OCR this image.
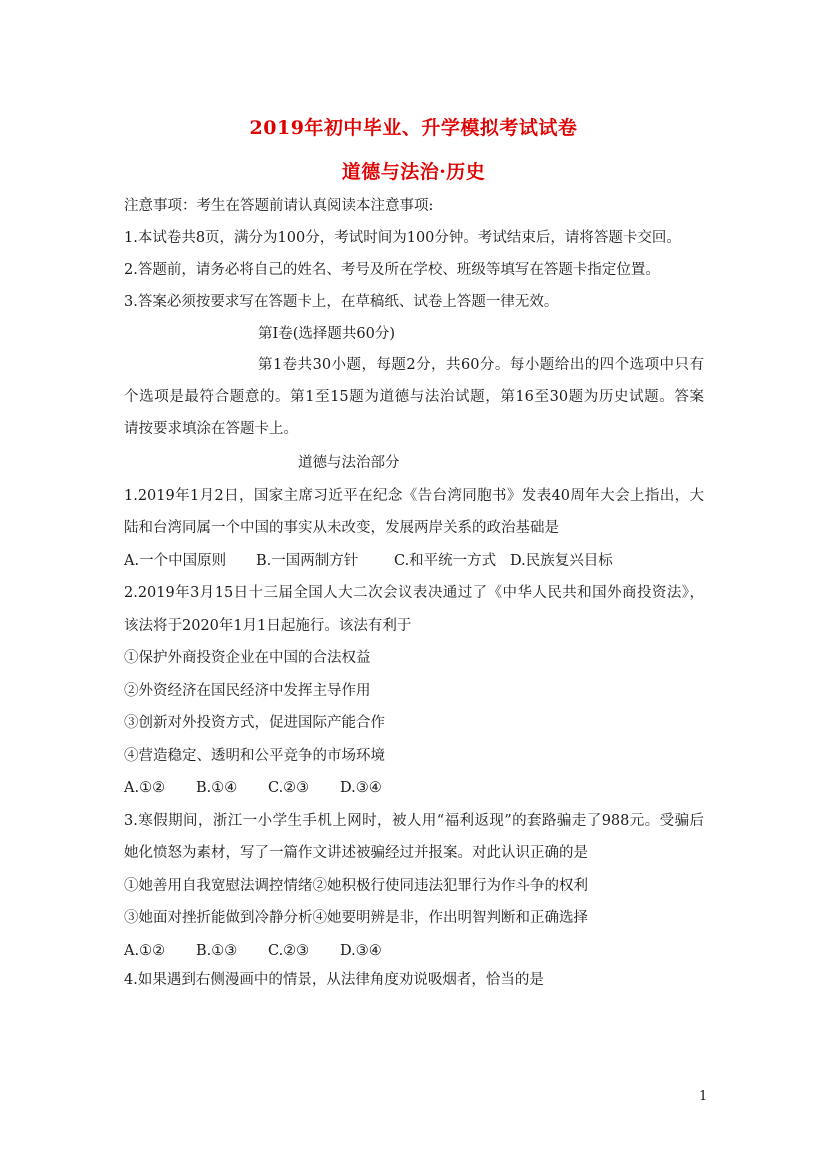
2019年初中毕业、升学模拟考试试卷
道德与法治·历史
注意事项：考生在答题前请认真阅读本注意事项:
1.本试卷共8页，满分为100分，考试时间为100分钟。考试结束后，请将答题卡交回。
2.答题前，请务必将自己的姓名、考号及所在学校、班级等填写在答题卡指定位置。
3.答案必须按要求写在答题卡上，在草稿纸、试卷上答题一律无效。
第Ⅰ卷(选择题共60分)
第1卷共30小题，每题2分，共60分。每小题给出的四个选项中只有
个选项是最符合题意的。第1至15题为道德与法治试题，第16至30题为历史试题。答案
请按要求填涂在答题卡上。
道德与法治部分
1.2019年1月2日，国家主席习近平在纪念《告台湾同胞书》发表40周年大会上指出，大
陆和台湾同属一个中国的事实从未改变，发展两岸关系的政治基础是
A.一个中国原则 B.一国两制方针 C.和平统一方式 D.民族复兴目标
2.2019年3月15日十三届全国人大二次会议表决通过了《中华人民共和国外商投资法》，
该法将于2020年1月1日起施行。该法有利于
①保护外商投资企业在中国的合法权益
②外资经济在国民经济中发挥主导作用
③创新对外投资方式，促进国际产能合作
④营造稳定、透明和公平竞争的市场环境
A.①② B.①④ C.②③ D.③④
3.寒假期间，浙江一小学生手机上网时，被人用“福利返现”的套路骗走了988元。受骗后
她化愤怒为素材，写了一篇作文讲述被骗经过并报案。对此认识正确的是
①她善用自我宽慰法调控情绪②她积极行使同违法犯罪行为作斗争的权利
③她面对挫折能做到冷静分析④她要明辨是非，作出明智判断和正确选择
A.①② B.①③ C.②③ D.③④
4.如果遇到右侧漫画中的情景，从法律角度劝说吸烟者，恰当的是
1
